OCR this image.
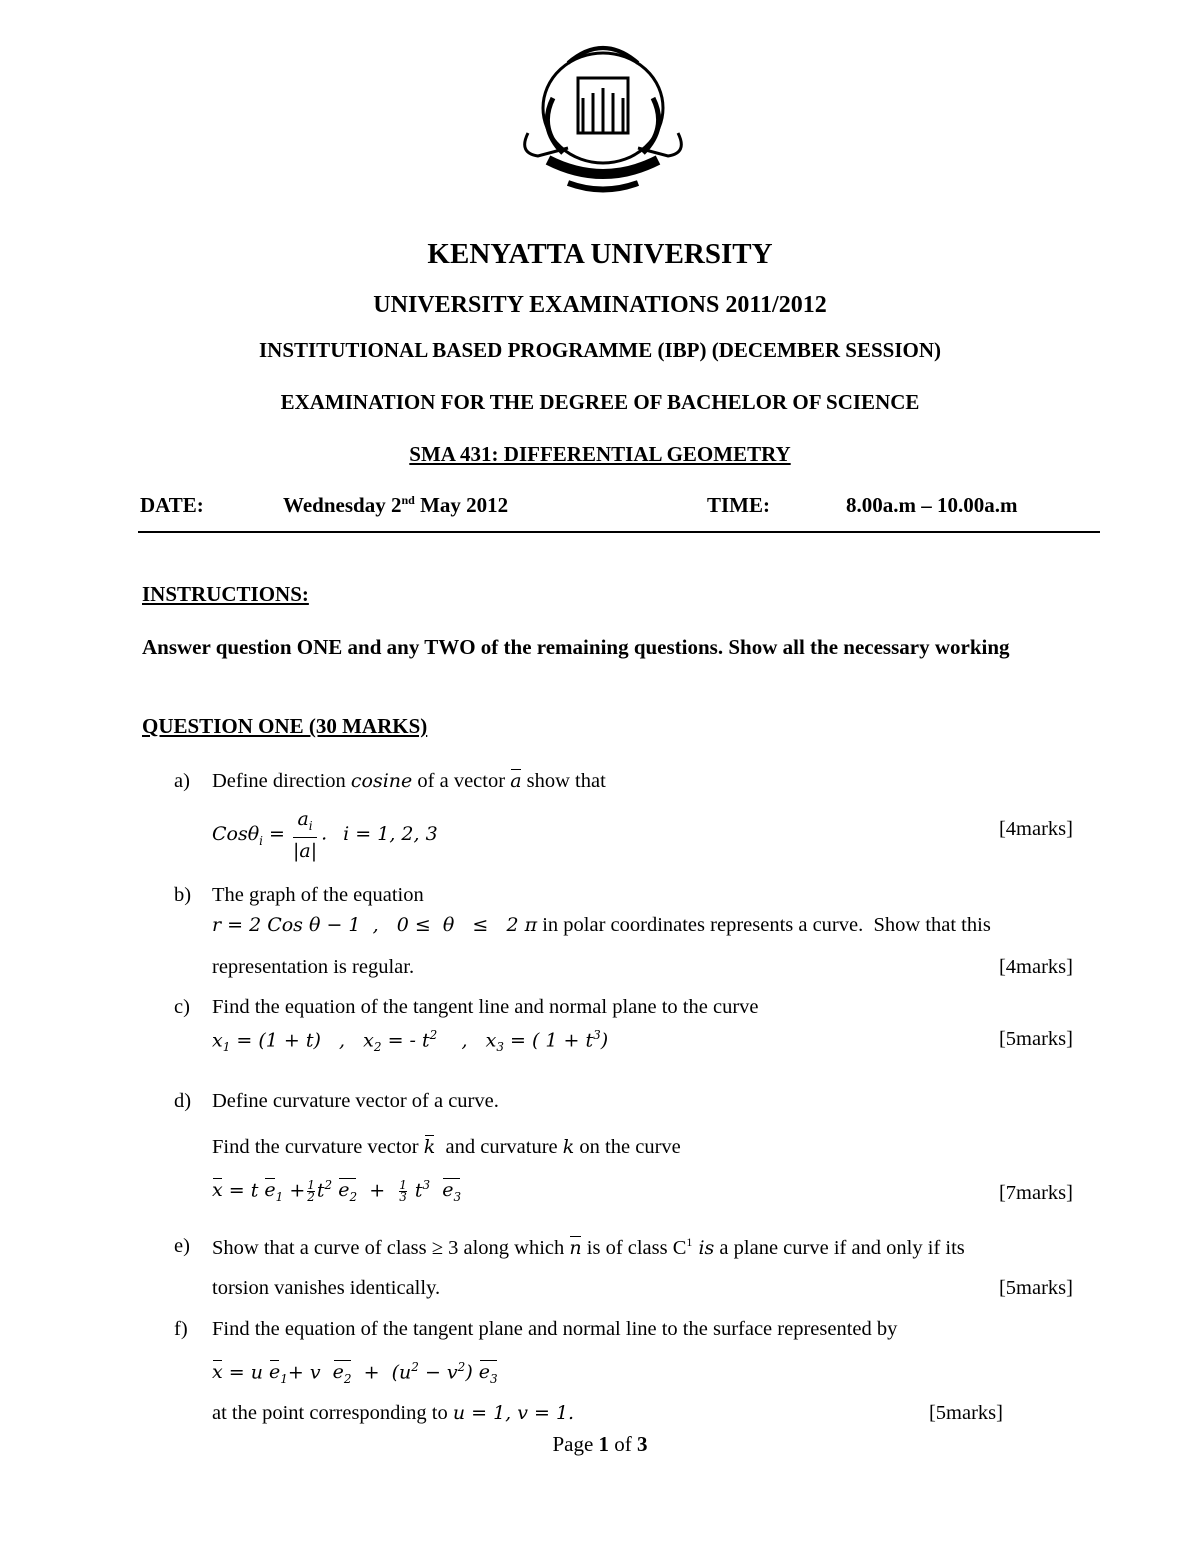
KENYATTA UNIVERSITY
UNIVERSITY EXAMINATIONS 2011/2012
INSTITUTIONAL BASED PROGRAMME (IBP) (DECEMBER SESSION)
EXAMINATION FOR THE DEGREE OF BACHELOR OF SCIENCE
SMA 431: DIFFERENTIAL GEOMETRY
DATE:	Wednesday 2nd May 2012	TIME:	8.00a.m – 10.00a.m
INSTRUCTIONS:
Answer question ONE and any TWO of the remaining questions. Show all the necessary working
QUESTION ONE (30 MARKS)
a) Define direction cosine of a vector a show that
$Cos\theta_i = \frac{a_i}{|a|}$ . i = 1, 2, 3	[4marks]
b) The graph of the equation
r = 2 Cos θ − 1  ,   0 ≤  θ   ≤   2 π in polar coordinates represents a curve.  Show that this
representation is regular.	[4marks]
c) Find the equation of the tangent line and normal plane to the curve
$x_1 = (1 + t)$   ,   $x_2$ = - $t^2$    ,   $x_3$ = ( $1 + t^3$)	[5marks]
d) Define curvature vector of a curve.
Find the curvature vector k  and curvature k on the curve
x = t $e_1 + 1$
2 $t^2$ $e_2 + 1$
3 $t^3$ $e_3$	[7marks]
e) Show that a curve of class ≥ 3 along which n is of class $C^1$ is a plane curve if and only if its
torsion vanishes identically.	[5marks]
f) Find the equation of the tangent plane and normal line to the surface represented by
x = u $e_1+ v$  $e_2 + (u^2 - v^2)$ $e_3$
at the point corresponding to u = 1, v = 1.	[5marks]
Page 1 of 3
